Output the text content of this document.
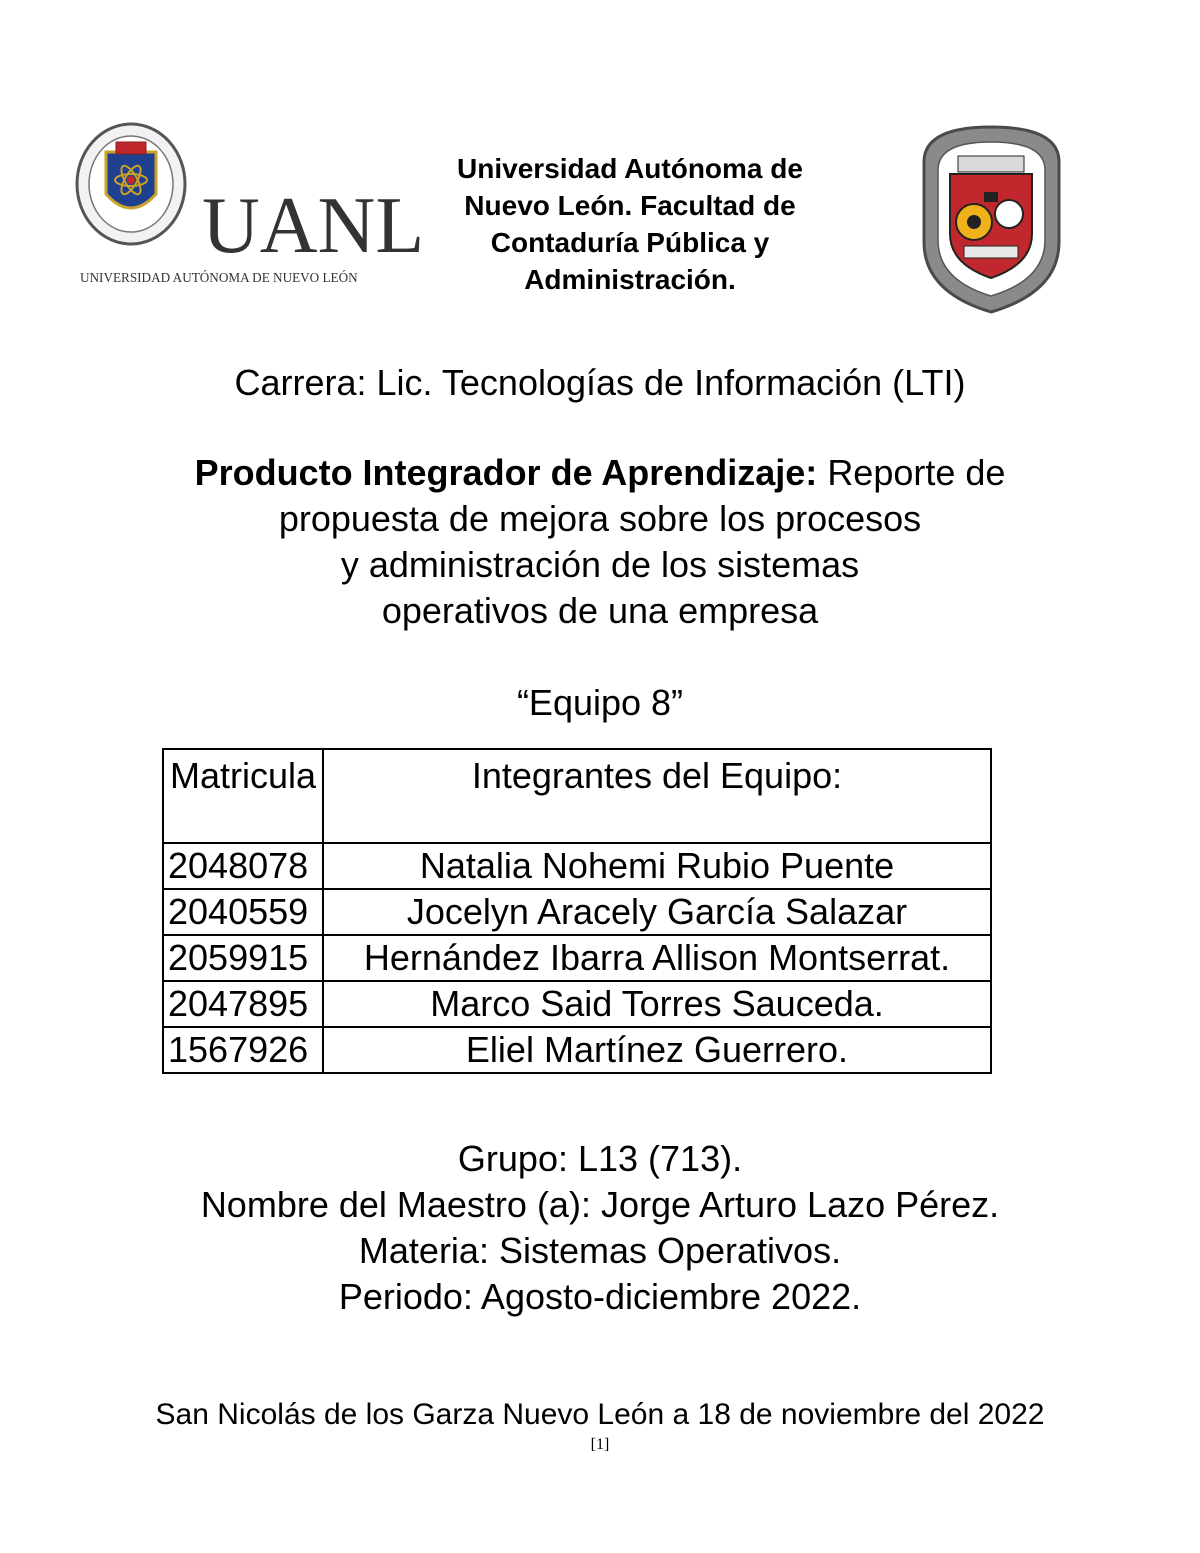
UANL
UNIVERSIDAD AUTÓNOMA DE NUEVO LEÓN
Universidad Autónoma de
Nuevo León. Facultad de
Contaduría Pública y
Administración.
Carrera: Lic. Tecnologías de Información (LTI)
Producto Integrador de Aprendizaje: Reporte de
propuesta de mejora sobre los procesos
y administración de los sistemas
operativos de una empresa
“Equipo 8”
Matricula	Integrantes del Equipo:
2048078	Natalia Nohemi Rubio Puente
2040559	Jocelyn Aracely García Salazar
2059915	Hernández Ibarra Allison Montserrat.
2047895	Marco Said Torres Sauceda.
1567926	Eliel Martínez Guerrero.
Grupo: L13 (713).
Nombre del Maestro (a): Jorge Arturo Lazo Pérez.
Materia: Sistemas Operativos.
Periodo: Agosto-diciembre 2022.
San Nicolás de los Garza Nuevo León a 18 de noviembre del 2022
[1]
